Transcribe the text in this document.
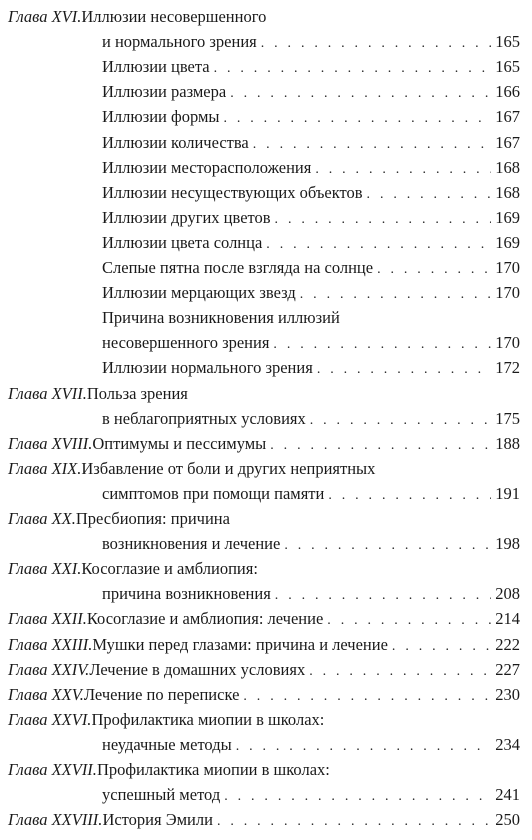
Глава XVI. Иллюзии несовершенного
и нормального зрения . . .	165
Иллюзии цвета . . .	165
Иллюзии размера . . .	166
Иллюзии формы . . .	167
Иллюзии количества . . .	167
Иллюзии месторасположения . . .	168
Иллюзии несуществующих объектов . . .	168
Иллюзии других цветов . . .	169
Иллюзии цвета солнца . . .	169
Слепые пятна после взгляда на солнце . . .	170
Иллюзии мерцающих звезд . . .	170
Причина возникновения иллюзий
несовершенного зрения . . .	170
Иллюзии нормального зрения . . .	172
Глава XVII. Польза зрения
в неблагоприятных условиях . . .	175
Глава XVIII. Оптимумы и пессимумы . . .	188
Глава XIX. Избавление от боли и других неприятных
симптомов при помощи памяти . . .	191
Глава XX. Пресбиопия: причина
возникновения и лечение . . .	198
Глава XXI. Косоглазие и амблиопия:
причина возникновения . . .	208
Глава XXII. Косоглазие и амблиопия: лечение . . .	214
Глава XXIII. Мушки перед глазами: причина и лечение . . .	222
Глава XXIV. Лечение в домашних условиях . . .	227
Глава XXV. Лечение по переписке . . .	230
Глава XXVI. Профилактика миопии в школах:
неудачные методы . . .	234
Глава XXVII. Профилактика миопии в школах:
успешный метод . . .	241
Глава XXVIII. История Эмили . . .	250
